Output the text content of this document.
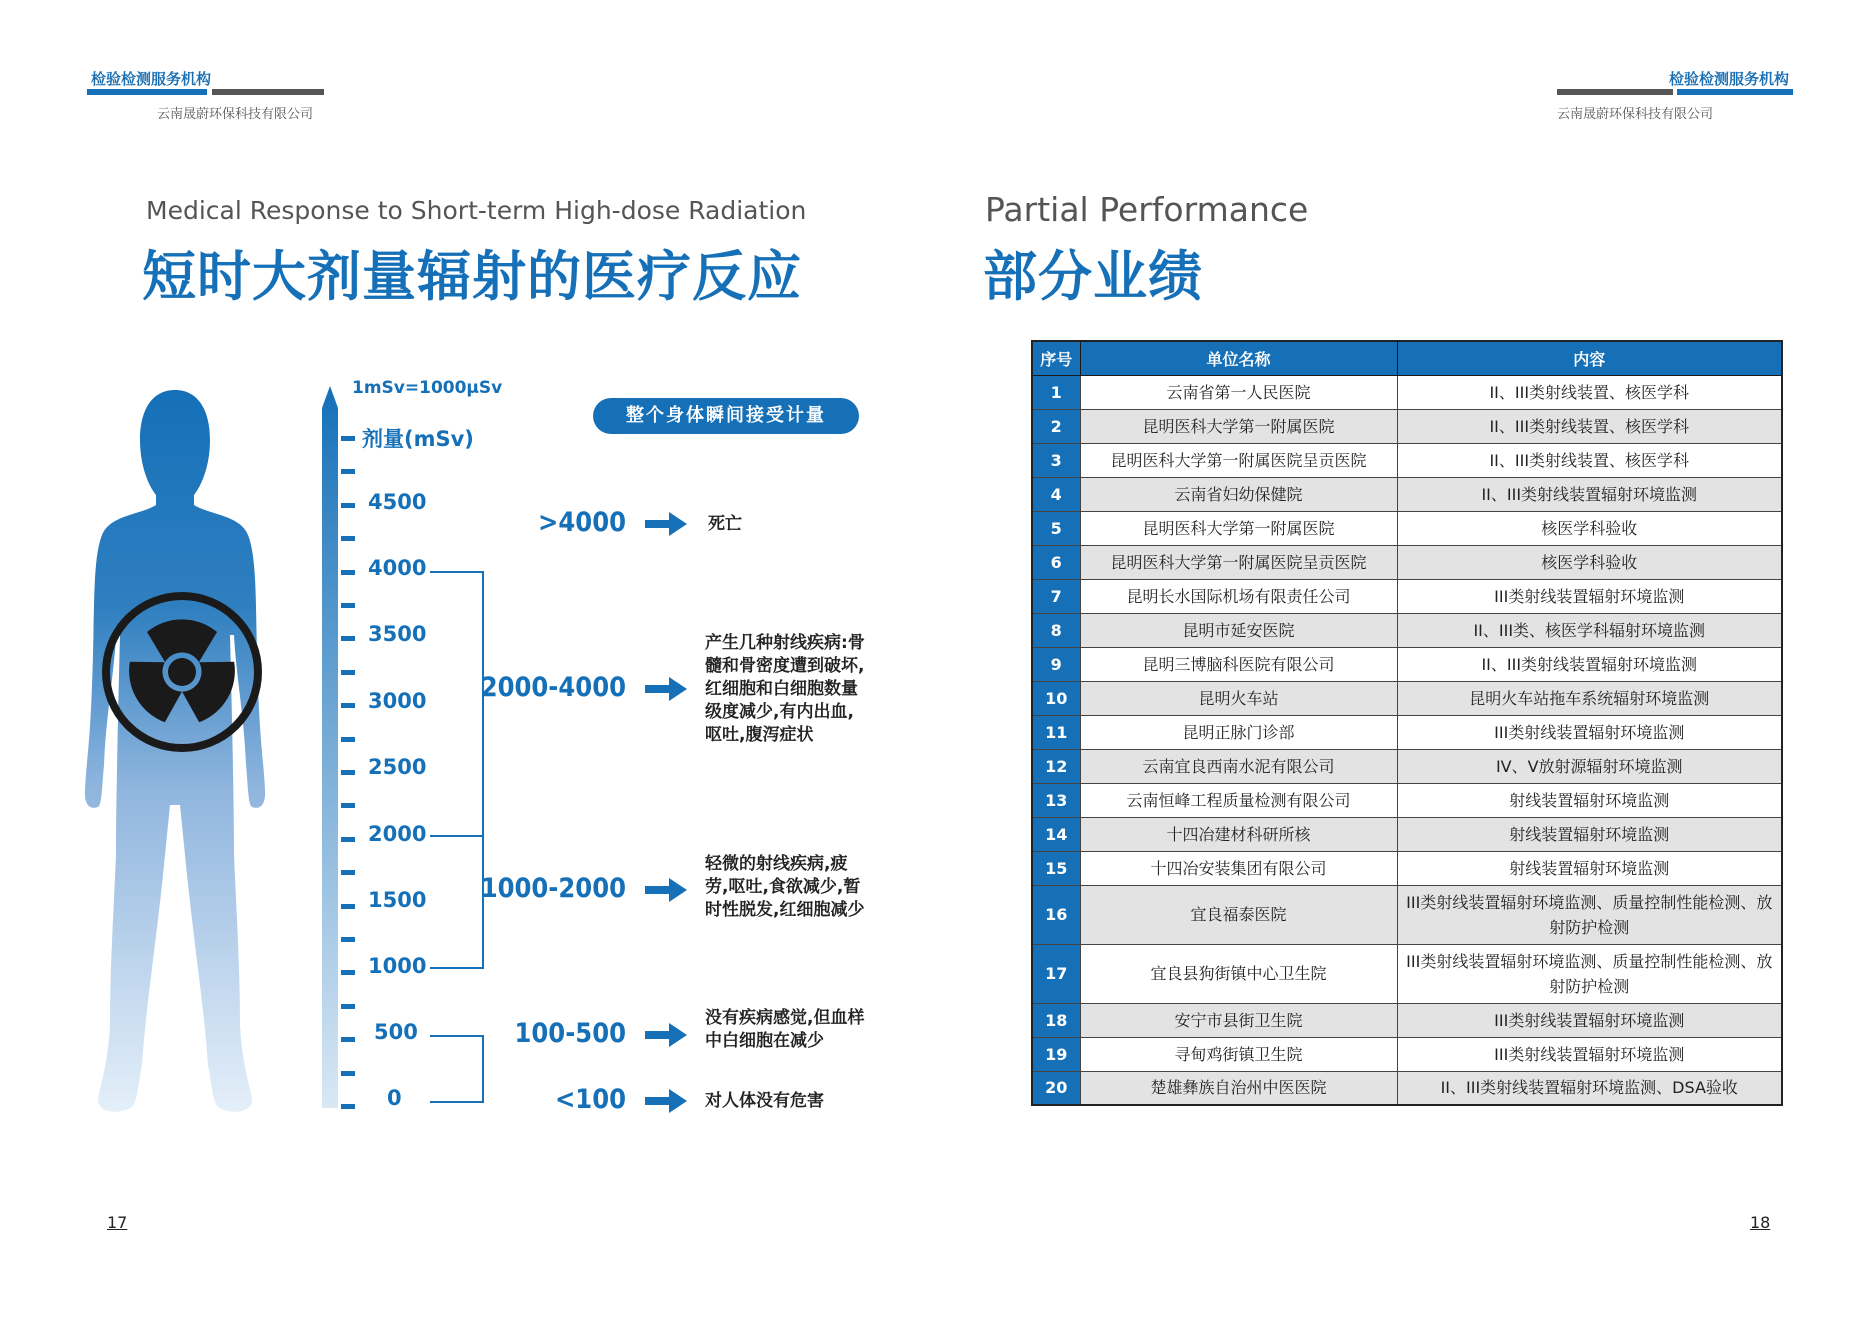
检验检测服务机构
云南晟蔚环保科技有限公司
检验检测服务机构
云南晟蔚环保科技有限公司
Medical Response to Short-term High-dose Radiation
短时大剂量辐射的医疗反应
1mSv=1000μSv
剂量(mSv)
4500
4000
3500
3000
2500
2000
1500
1000
500
0
整个身体瞬间接受计量
>4000	死亡
2000-4000
产生几种射线疾病:骨髓和骨密度遭到破坏,红细胞和白细胞数量级度减少,有内出血,呕吐,腹泻症状
1000-2000
轻微的射线疾病,疲劳,呕吐,食欲减少,暂时性脱发,红细胞减少
100-500	没有疾病感觉,但血样中白细胞在减少
<100	对人体没有危害
Partial Performance
部分业绩
序号	单位名称	内容
1	云南省第一人民医院	II、III类射线装置、核医学科
2	昆明医科大学第一附属医院	II、III类射线装置、核医学科
3	昆明医科大学第一附属医院呈贡医院	II、III类射线装置、核医学科
4	云南省妇幼保健院	II、III类射线装置辐射环境监测
5	昆明医科大学第一附属医院	核医学科验收
6	昆明医科大学第一附属医院呈贡医院	核医学科验收
7	昆明长水国际机场有限责任公司	III类射线装置辐射环境监测
8	昆明市延安医院	II、III类、核医学科辐射环境监测
9	昆明三博脑科医院有限公司	II、III类射线装置辐射环境监测
10	昆明火车站	昆明火车站拖车系统辐射环境监测
11	昆明正脉门诊部	III类射线装置辐射环境监测
12	云南宜良西南水泥有限公司	IV、V放射源辐射环境监测
13	云南恒峰工程质量检测有限公司	射线装置辐射环境监测
14	十四冶建材科研所核	射线装置辐射环境监测
15	十四冶安装集团有限公司	射线装置辐射环境监测
16	宜良福泰医院	III类射线装置辐射环境监测、质量控制性能检测、放射防护检测
17	宜良县狗街镇中心卫生院	III类射线装置辐射环境监测、质量控制性能检测、放射防护检测
18	安宁市县街卫生院	III类射线装置辐射环境监测
19	寻甸鸡街镇卫生院	III类射线装置辐射环境监测
20	楚雄彝族自治州中医医院	II、III类射线装置辐射环境监测、DSA验收
17	18
